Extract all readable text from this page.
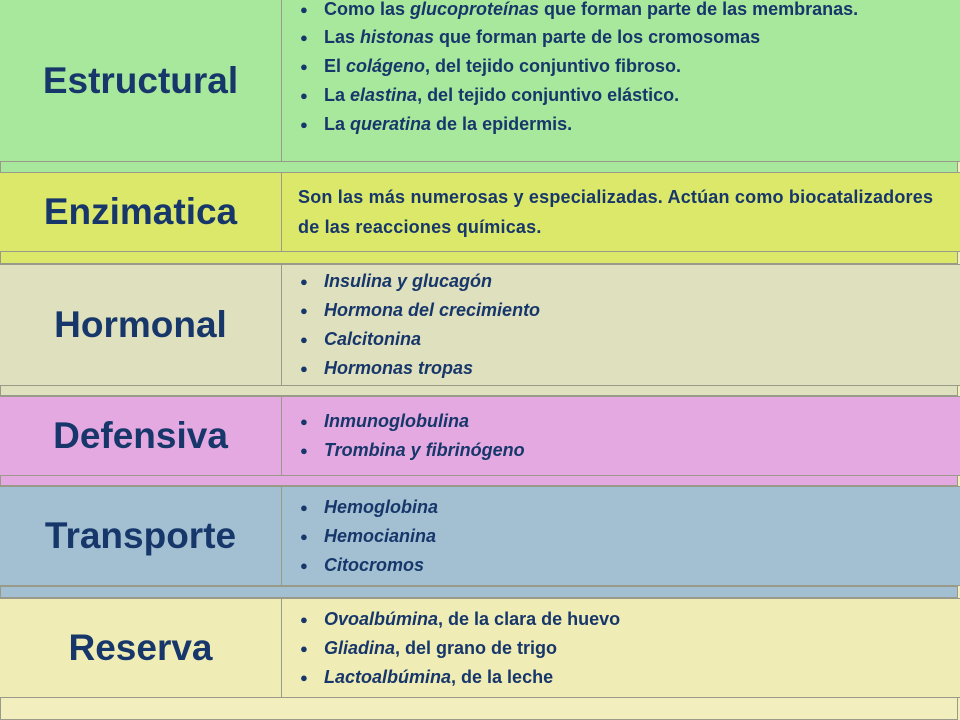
Estructural
● Como las glucoproteínas que forman parte de las membranas.
● Las histonas que forman parte de los cromosomas
● El colágeno, del tejido conjuntivo fibroso.
● La elastina, del tejido conjuntivo elástico.
● La queratina de la epidermis.
Enzimatica	Son las más numerosas y especializadas. Actúan como biocatalizadores de las reacciones químicas.

Hormonal
● Insulina y glucagón
● Hormona del crecimiento
● Calcitonina
● Hormonas tropas
Defensiva
●	Inmunoglobulina
● Trombina y fibrinógeno
Transporte
● Hemoglobina
● Hemocianina
● Citocromos
Reserva
● Ovoalbúmina, de la clara de huevo
● Gliadina, del grano de trigo
● Lactoalbúmina, de la leche
